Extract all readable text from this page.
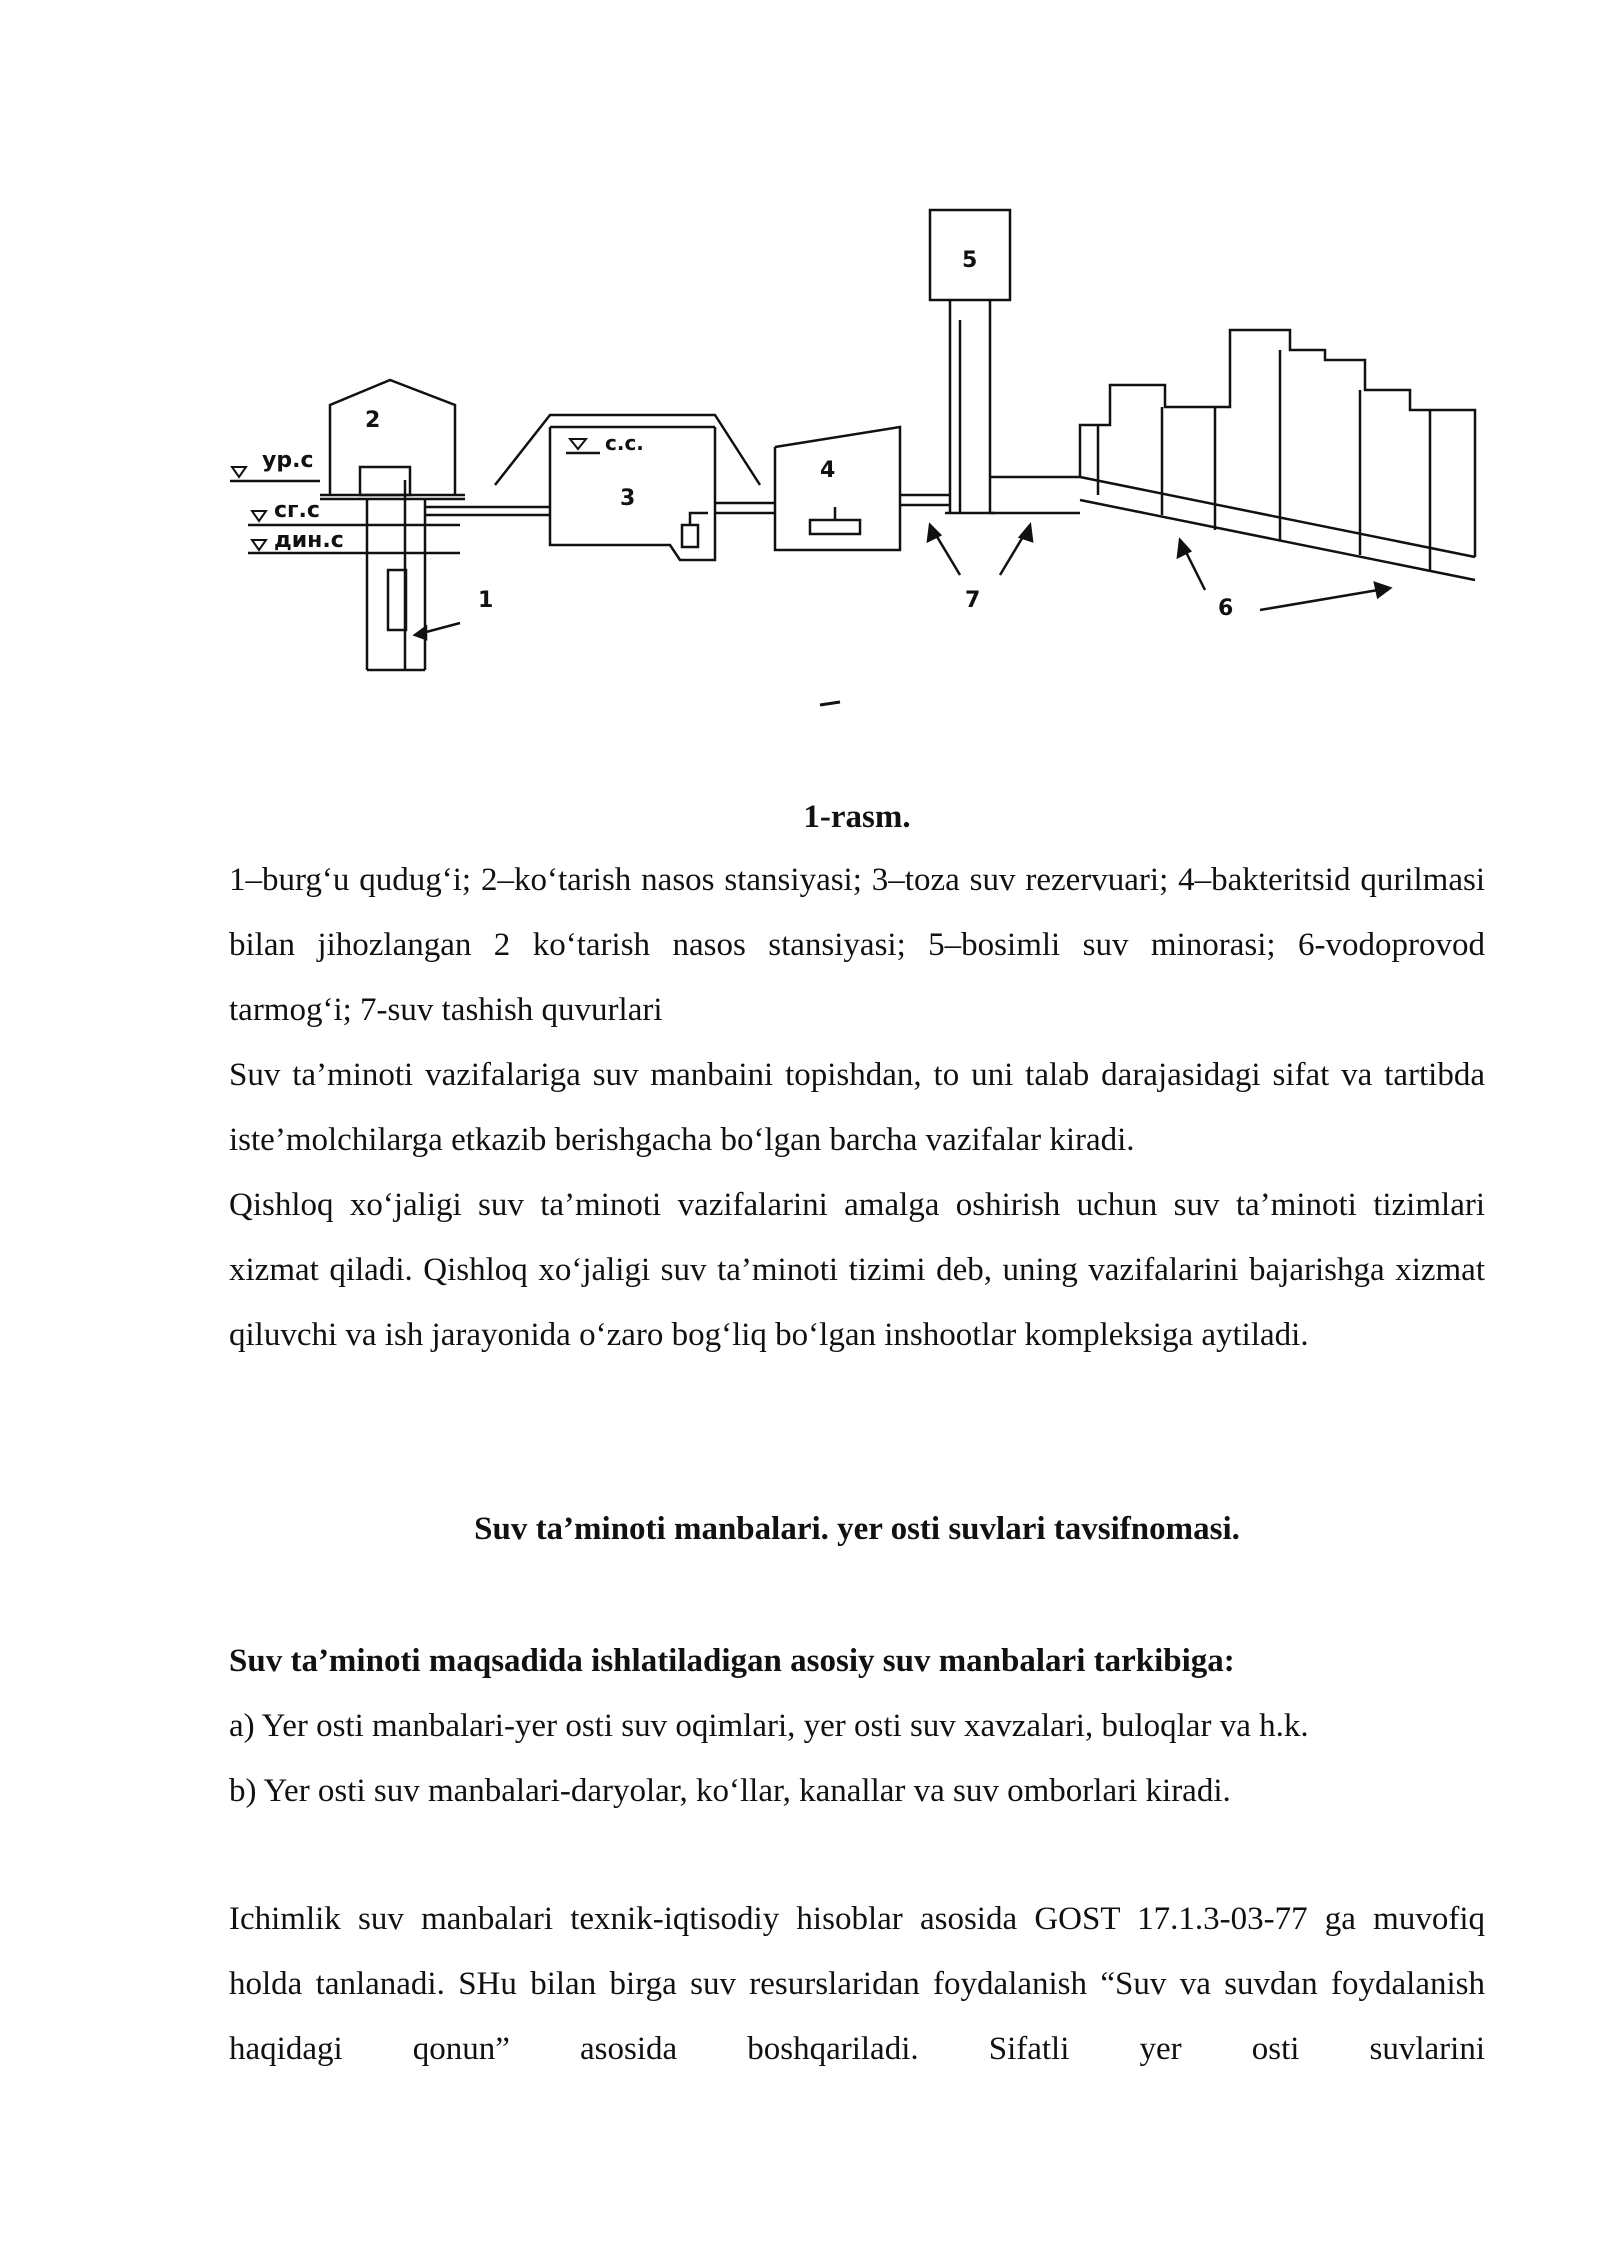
ур.с
сг.с
дин.с
2
1
с.с.
3
4
5
7	6
1-rasm.

1–burg‘u qudug‘i; 2–ko‘tarish nasos stansiyasi; 3–toza suv rezervuari; 4–bakteritsid qurilmasi bilan jihozlangan 2 ko‘tarish nasos stansiyasi; 5–bosimli suv minorasi; 6-vodoprovod tarmog‘i; 7-suv tashish quvurlari

Suv ta’minoti vazifalariga suv manbaini topishdan, to uni talab darajasidagi sifat va tartibda iste’molchilarga etkazib berishgacha bo‘lgan barcha vazifalar kiradi.

Qishloq xo‘jaligi suv ta’minoti vazifalarini amalga oshirish uchun suv ta’minoti tizimlari xizmat qiladi. Qishloq xo‘jaligi suv ta’minoti tizimi deb, uning vazifalarini bajarishga xizmat qiluvchi va ish jarayonida o‘zaro bog‘liq bo‘lgan inshootlar kompleksiga aytiladi.

Suv ta’minoti manbalari. yer osti suvlari tavsifnomasi.
Suv ta’minoti maqsadida ishlatiladigan asosiy suv manbalari tarkibiga:

a) Yer osti manbalari-yer osti suv oqimlari, yer osti suv xavzalari, buloqlar va h.k.

b) Yer osti suv manbalari-daryolar, ko‘llar, kanallar va suv omborlari kiradi.

Ichimlik suv manbalari texnik-iqtisodiy hisoblar asosida GOST 17.1.3-03-77 ga muvofiq holda tanlanadi. SHu bilan birga suv resurslaridan foydalanish “Suv va suvdan foydalanish haqidagi qonun” asosida boshqariladi. Sifatli yer osti suvlarini
